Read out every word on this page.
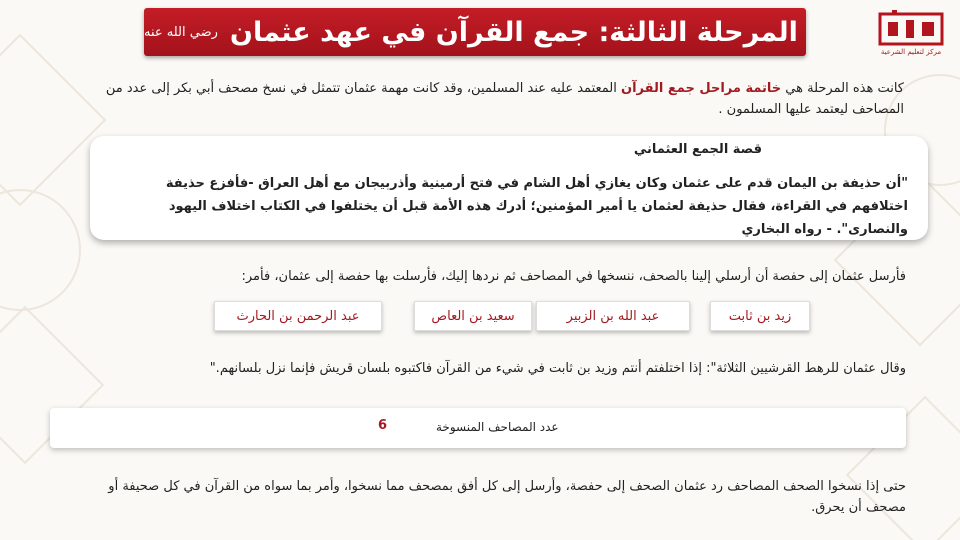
مركز لتعليم الشرعية
المرحلة الثالثة: جمع القرآن في عهد عثمان
رضي الله عنه
كانت هذه المرحلة هي خاتمة مراحل جمع القرآن المعتمد عليه عند المسلمين، وقد كانت مهمة عثمان تتمثل في نسخ مصحف أبي بكر إلى عدد من المصاحف ليعتمد عليها المسلمون .
قصة الجمع العثماني
"أن حذيفة بن اليمان قدم على عثمان وكان يغازي أهل الشام في فتح أرمينية وأذربيجان مع أهل العراق -فأفزع حذيفة اختلافهم في القراءة، فقال حذيفة لعثمان يا أمير المؤمنين؛ أدرك هذه الأمة قبل أن يختلفوا في الكتاب اختلاف اليهود والنصارى". - رواه البخاري
فأرسل عثمان إلى حفصة أن أرسلي إلينا بالصحف، ننسخها في المصاحف ثم نردها إليك، فأرسلت بها حفصة إلى عثمان، فأمر:
زيد بن ثابت
عبد الله بن الزبير
سعيد بن العاص
عبد الرحمن بن الحارث
وقال عثمان للرهط القرشيين الثلاثة": إذا اختلفتم أنتم وزيد بن ثابت في شيء من القرآن فاكتبوه بلسان قريش فإنما نزل بلسانهم."
عدد المصاحف المنسوخة
6
حتى إذا نسخوا الصحف المصاحف رد عثمان الصحف إلى حفصة، وأرسل إلى كل أفق بمصحف مما نسخوا، وأمر بما سواه من القرآن في كل صحيفة أو مصحف أن يحرق.
